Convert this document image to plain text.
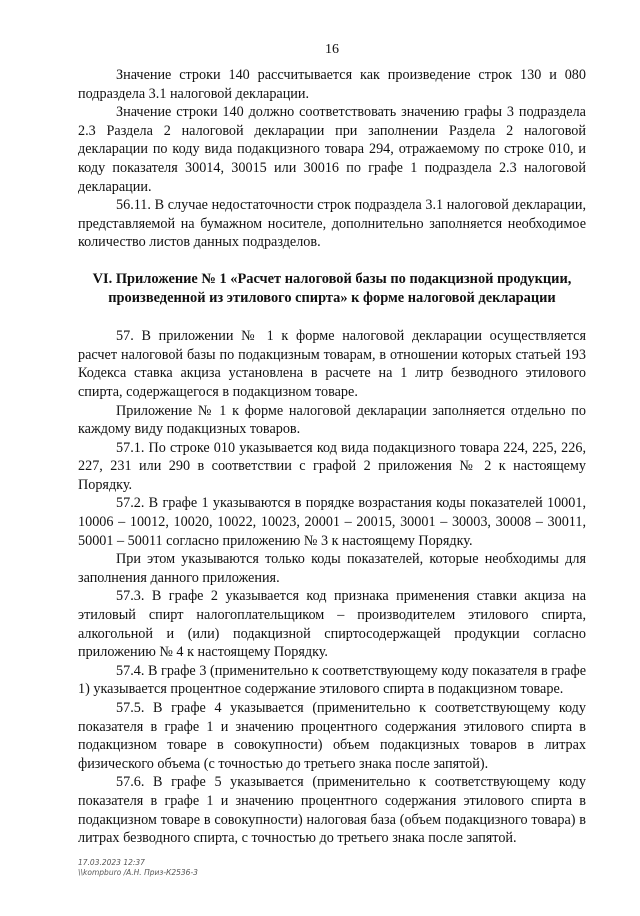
16

Значение строки 140 рассчитывается как произведение строк 130 и 080 подраздела 3.1 налоговой декларации.

Значение строки 140 должно соответствовать значению графы 3 подраздела 2.3 Раздела 2 налоговой декларации при заполнении Раздела 2 налоговой декларации по коду вида подакцизного товара 294, отражаемому по строке 010, и коду показателя 30014, 30015 или 30016 по графе 1 подраздела 2.3 налоговой декларации.

56.11. В случае недостаточности строк подраздела 3.1 налоговой декларации, представляемой на бумажном носителе, дополнительно заполняется необходимое количество листов данных подразделов.

VI. Приложение № 1 «Расчет налоговой базы по подакцизной продукции, произведенной из этилового спирта» к форме налоговой декларации

57. В приложении № 1 к форме налоговой декларации осуществляется расчет налоговой базы по подакцизным товарам, в отношении которых статьей 193 Кодекса ставка акциза установлена в расчете на 1 литр безводного этилового спирта, содержащегося в подакцизном товаре.

Приложение № 1 к форме налоговой декларации заполняется отдельно по каждому виду подакцизных товаров.

57.1. По строке 010 указывается код вида подакцизного товара 224, 225, 226, 227, 231 или 290 в соответствии с графой 2 приложения № 2 к настоящему Порядку.

57.2. В графе 1 указываются в порядке возрастания коды показателей 10001, 10006 – 10012, 10020, 10022, 10023, 20001 – 20015, 30001 – 30003, 30008 – 30011, 50001 – 50011 согласно приложению № 3 к настоящему Порядку.

При этом указываются только коды показателей, которые необходимы для заполнения данного приложения.

57.3. В графе 2 указывается код признака применения ставки акциза на этиловый спирт налогоплательщиком – производителем этилового спирта, алкогольной и (или) подакцизной спиртосодержащей продукции согласно приложению № 4 к настоящему Порядку.

57.4. В графе 3 (применительно к соответствующему коду показателя в графе 1) указывается процентное содержание этилового спирта в подакцизном товаре.

57.5. В графе 4 указывается (применительно к соответствующему коду показателя в графе 1 и значению процентного содержания этилового спирта в подакцизном товаре в совокупности) объем подакцизных товаров в литрах физического объема (с точностью до третьего знака после запятой).

57.6. В графе 5 указывается (применительно к соответствующему коду показателя в графе 1 и значению процентного содержания этилового спирта в подакцизном товаре в совокупности) налоговая база (объем подакцизного товара) в литрах безводного спирта, с точностью до третьего знака после запятой.

17.03.2023 12:37
\\kompburo /А.Н. Приз-К2536-3
